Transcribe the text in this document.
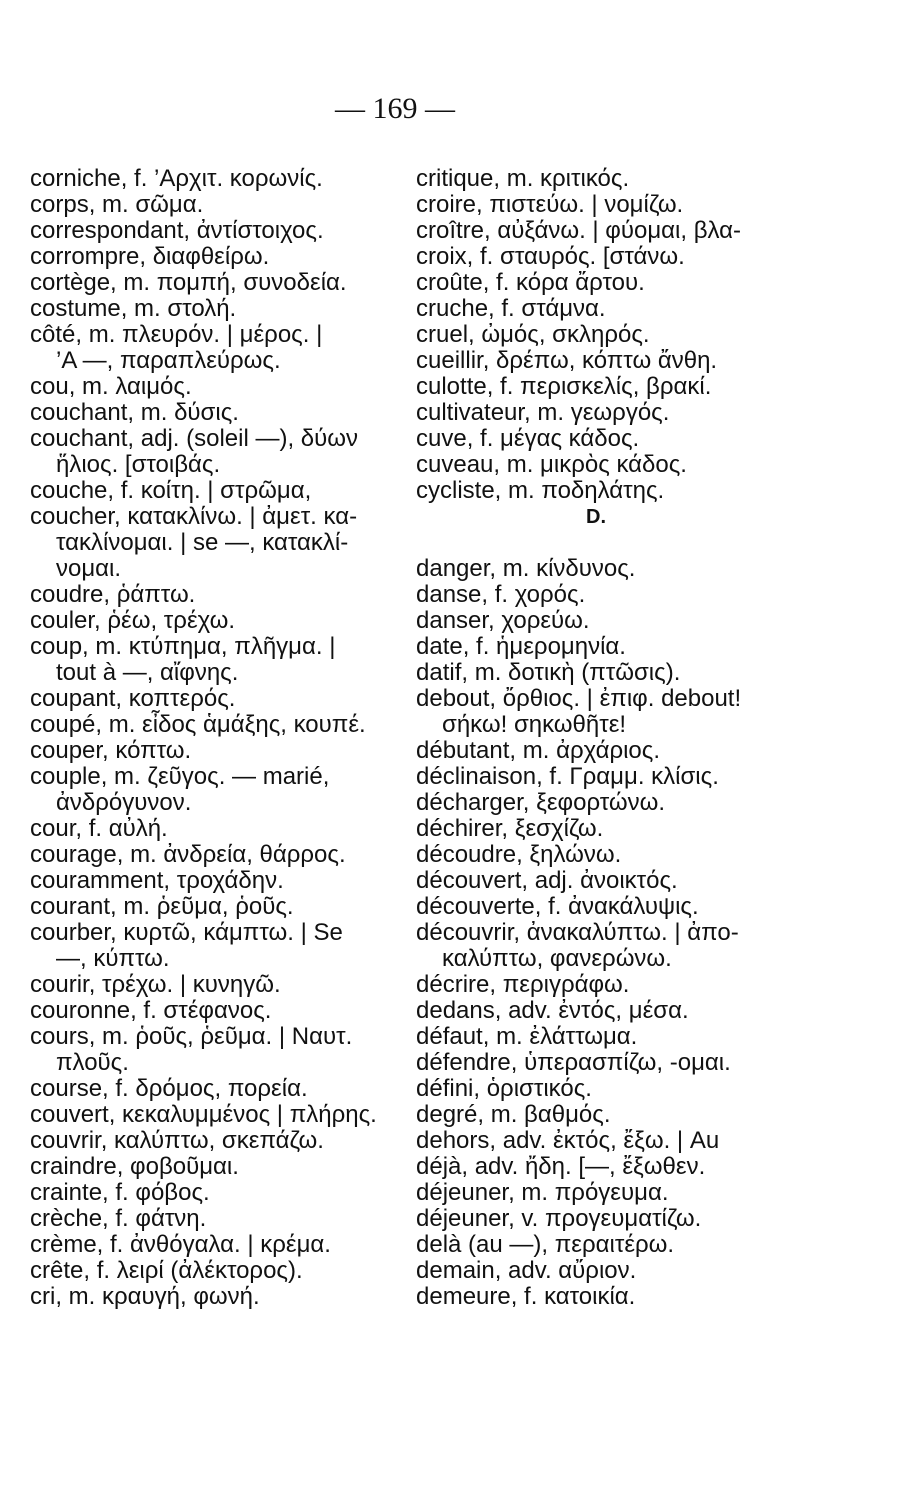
— 169 —
corniche, f. ’Αρχιτ. κορωνίς.
corps, m. σῶμα.
correspondant, ἀντίστοιχος.
corrompre, διαφθείρω.
cortège, m. πομπή, συνοδεία.
costume, m. στολή.
côté, m. πλευρόν. | μέρος. |
’Α —, παραπλεύρως.
cou, m. λαιμός.
couchant, m. δύσις.
couchant, adj. (soleil —), δύων
ἥλιος. [στοιβάς.
couche, f. κοίτη. | στρῶμα,
coucher, κατακλίνω. | ἀμετ. κα-
τακλίνομαι. | se —, κατακλί-
νομαι.
coudre, ῥάπτω.
couler, ῥέω, τρέχω.
coup, m. κτύπημα, πλῆγμα. |
tout à —, αἴφνης.
coupant, κοπτερός.
coupé, m. εἶδος ἁμάξης, κουπέ.
couper, κόπτω.
couple, m. ζεῦγος. — marié,
ἀνδρόγυνον.
cour, f. αὐλή.
courage, m. ἀνδρεία, θάρρος.
couramment, τροχάδην.
courant, m. ῥεῦμα, ῥοῦς.
courber, κυρτῶ, κάμπτω. | Se
—, κύπτω.
courir, τρέχω. | κυνηγῶ.
couronne, f. στέφανος.
cours, m. ῥοῦς, ῥεῦμα. | Ναυτ.
πλοῦς.
course, f. δρόμος, πορεία.
couvert, κεκαλυμμένος | πλήρης.
couvrir, καλύπτω, σκεπάζω.
craindre, φοβοῦμαι.
crainte, f. φόβος.
crèche, f. φάτνη.
crème, f. ἀνθόγαλα. | κρέμα.
crête, f. λειρί (ἀλέκτορος).
cri, m. κραυγή, φωνή.
critique, m. κριτικός.
croire, πιστεύω. | νομίζω.
croître, αὐξάνω. | φύομαι, βλα-
croix, f. σταυρός. [στάνω.
croûte, f. κόρα ἄρτου.
cruche, f. στάμνα.
cruel, ὠμός, σκληρός.
cueillir, δρέπω, κόπτω ἄνθη.
culotte, f. περισκελίς, βρακί.
cultivateur, m. γεωργός.
cuve, f. μέγας κάδος.
cuveau, m. μικρὸς κάδος.
cycliste, m. ποδηλάτης.
D.
danger, m. κίνδυνος.
danse, f. χορός.
danser, χορεύω.
date, f. ἡμερομηνία.
datif, m. δοτικὴ (πτῶσις).
debout, ὄρθιος. | ἐπιφ. debout!
σήκω! σηκωθῆτε!
débutant, m. ἀρχάριος.
déclinaison, f. Γραμμ. κλίσις.
décharger, ξεφορτώνω.
déchirer, ξεσχίζω.
découdre, ξηλώνω.
découvert, adj. ἀνοικτός.
découverte, f. ἀνακάλυψις.
découvrir, ἀνακαλύπτω. | ἀπο-
καλύπτω, φανερώνω.
décrire, περιγράφω.
dedans, adv. ἐντός, μέσα.
défaut, m. ἐλάττωμα.
défendre, ὑπερασπίζω, -ομαι.
défini, ὁριστικός.
degré, m. βαθμός.
dehors, adv. ἐκτός, ἔξω. | Au
déjà, adv. ἤδη. [—, ἔξωθεν.
déjeuner, m. πρόγευμα.
déjeuner, v. προγευματίζω.
delà (au —), περαιτέρω.
demain, adv. αὔριον.
demeure, f. κατοικία.
